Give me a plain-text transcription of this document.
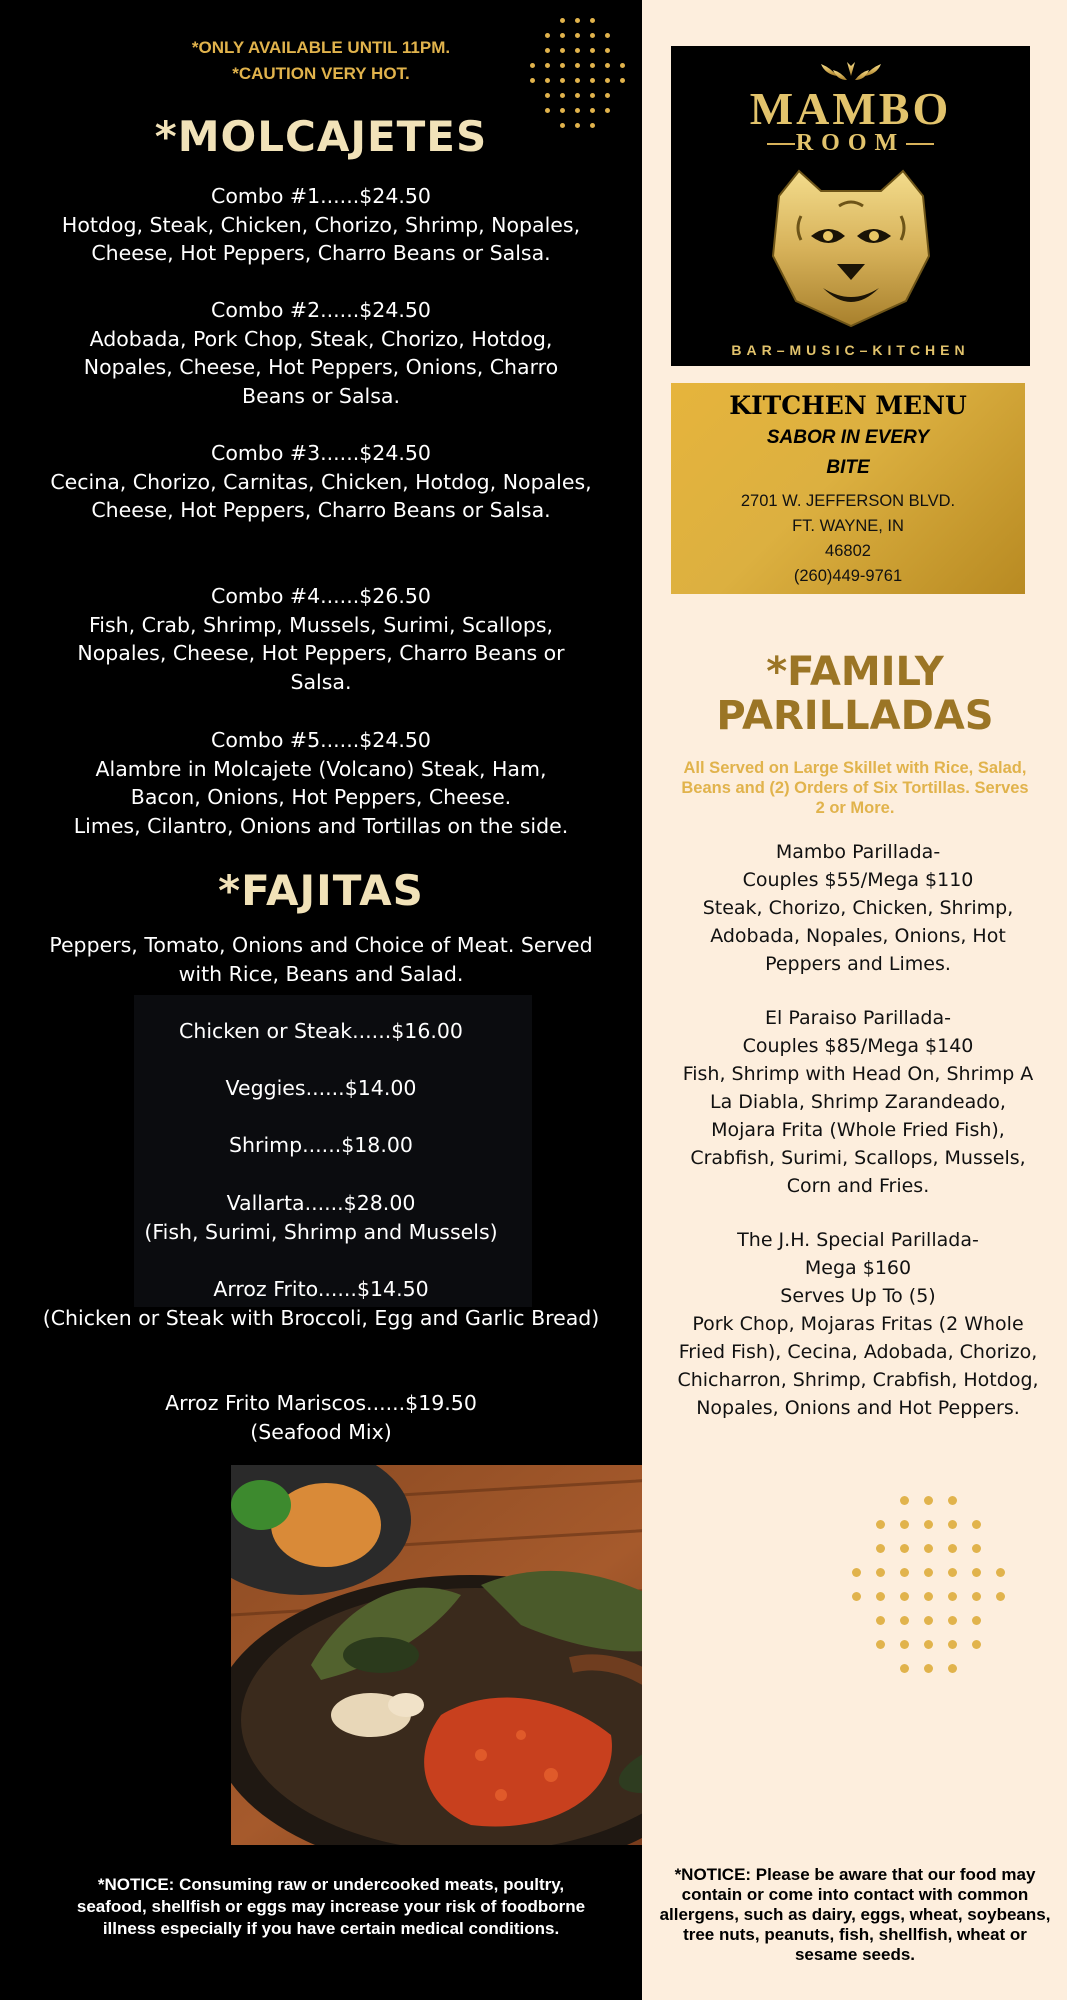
*ONLY AVAILABLE UNTIL 11PM.
*CAUTION VERY HOT.
*MOLCAJETES
Combo #1......$24.50
Hotdog, Steak, Chicken, Chorizo, Shrimp, Nopales, Cheese, Hot Peppers, Charro Beans or Salsa.
Combo #2......$24.50
Adobada, Pork Chop, Steak, Chorizo, Hotdog, Nopales, Cheese, Hot Peppers, Onions, Charro Beans or Salsa.
Combo #3......$24.50
Cecina, Chorizo, Carnitas, Chicken, Hotdog, Nopales, Cheese, Hot Peppers, Charro Beans or Salsa.
Combo #4......$26.50
Fish, Crab, Shrimp, Mussels, Surimi, Scallops, Nopales, Cheese, Hot Peppers, Charro Beans or Salsa.
Combo #5......$24.50
Alambre in Molcajete (Volcano) Steak, Ham, Bacon, Onions, Hot Peppers, Cheese.
Limes, Cilantro, Onions and Tortillas on the side.
*FAJITAS
Peppers, Tomato, Onions and Choice of Meat. Served with Rice, Beans and Salad.
Chicken or Steak......$16.00
Veggies......$14.00
Shrimp......$18.00
Vallarta......$28.00
(Fish, Surimi, Shrimp and Mussels)
Arroz Frito......$14.50
(Chicken or Steak with Broccoli, Egg and Garlic Bread)
Arroz Frito Mariscos......$19.50
(Seafood Mix)
*NOTICE: Consuming raw or undercooked meats, poultry, seafood, shellfish or eggs may increase your risk of foodborne illness especially if you have certain medical conditions.
MAMBO
ROOM
BAR–MUSIC–KITCHEN
KITCHEN MENU
SABOR IN EVERY
BITE
2701 W. JEFFERSON BLVD.
FT. WAYNE, IN
46802
(260)449-9761
*FAMILY
PARILLADAS
All Served on Large Skillet with Rice, Salad, Beans and (2) Orders of Six Tortillas. Serves 2 or More.
Mambo Parillada-
Couples $55/Mega $110
Steak, Chorizo, Chicken, Shrimp, Adobada, Nopales, Onions, Hot Peppers and Limes.
El Paraiso Parillada-
Couples $85/Mega $140
Fish, Shrimp with Head On, Shrimp A La Diabla, Shrimp Zarandeado, Mojara Frita (Whole Fried Fish), Crabfish, Surimi, Scallops, Mussels, Corn and Fries.
The J.H. Special Parillada-
Mega $160
Serves Up To (5)
Pork Chop, Mojaras Fritas (2 Whole Fried Fish), Cecina, Adobada, Chorizo, Chicharron, Shrimp, Crabfish, Hotdog, Nopales, Onions and Hot Peppers.
*NOTICE: Please be aware that our food may contain or come into contact with common allergens, such as dairy, eggs, wheat, soybeans, tree nuts, peanuts, fish, shellfish, wheat or sesame seeds.
